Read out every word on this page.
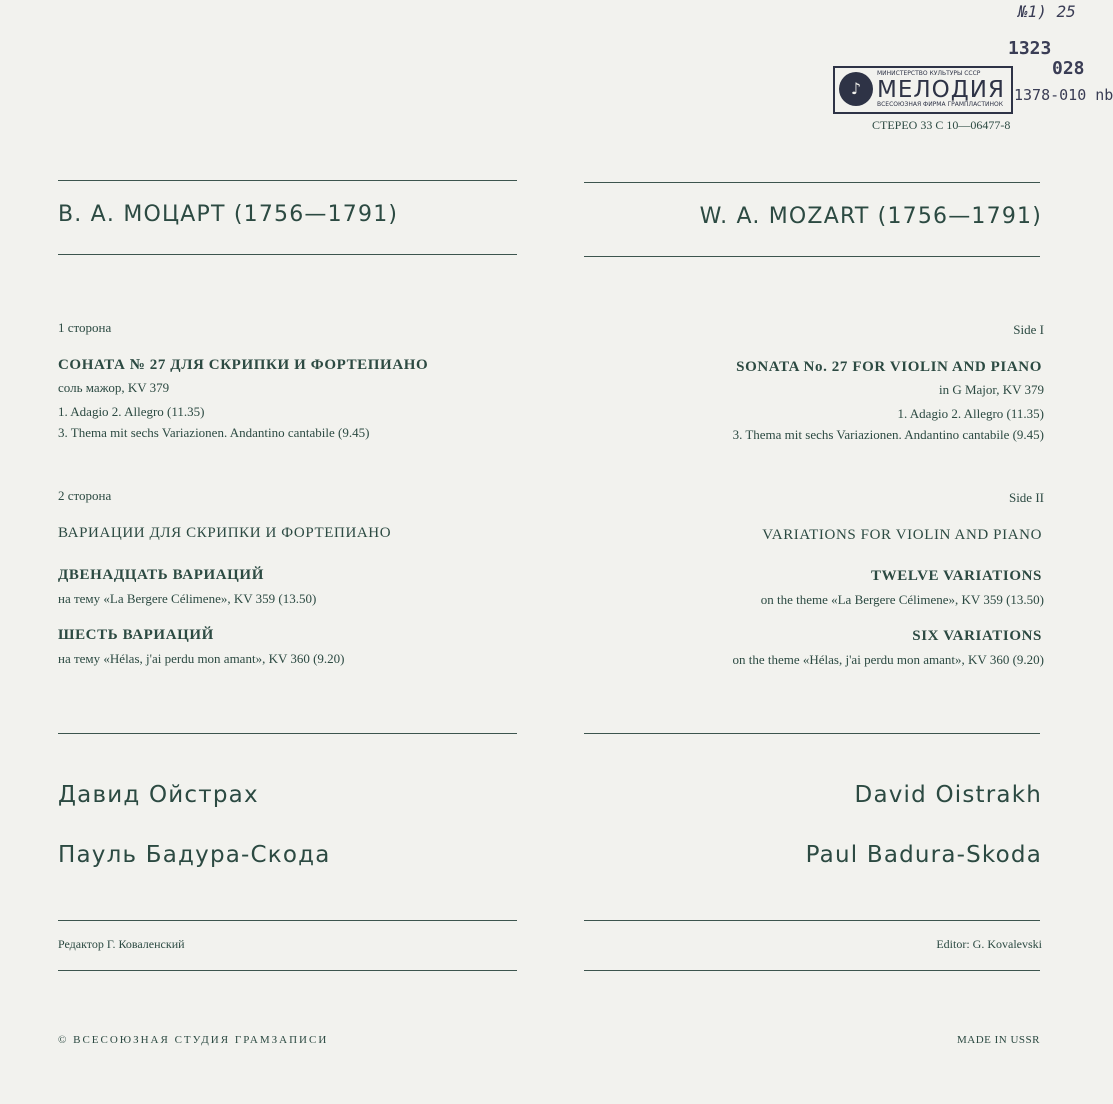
№1) 25
1323
028
1378-010 nb
♪
МИНИСТЕРСТВО КУЛЬТУРЫ СССР
МЕЛОДИЯ
ВСЕСОЮЗНАЯ ФИРМА ГРАМПЛАСТИНОК
СТЕРЕО 33 С 10—06477-8
В. А. МОЦАРТ (1756—1791)
1 сторона
СОНАТА № 27 ДЛЯ СКРИПКИ И ФОРТЕПИАНО
соль мажор, KV 379
1. Adagio 2. Allegro (11.35)
3. Thema mit sechs Variazionen. Andantino cantabile (9.45)
2 сторона
ВАРИАЦИИ ДЛЯ СКРИПКИ И ФОРТЕПИАНО
ДВЕНАДЦАТЬ ВАРИАЦИЙ
на тему «La Bergere Célimene», KV 359 (13.50)
ШЕСТЬ ВАРИАЦИЙ
на тему «Hélas, j'ai perdu mon amant», KV 360 (9.20)
Давид Ойстрах
Пауль Бадура-Скода
Редактор Г. Коваленский
© ВСЕСОЮЗНАЯ СТУДИЯ ГРАМЗАПИСИ
W. A. MOZART (1756—1791)
Side I
SONATA No. 27 FOR VIOLIN AND PIANO
in G Major, KV 379
1. Adagio 2. Allegro (11.35)
3. Thema mit sechs Variazionen. Andantino cantabile (9.45)
Side II
VARIATIONS FOR VIOLIN AND PIANO
TWELVE VARIATIONS
on the theme «La Bergere Célimene», KV 359 (13.50)
SIX VARIATIONS
on the theme «Hélas, j'ai perdu mon amant», KV 360 (9.20)
David Oistrakh
Paul Badura-Skoda
Editor: G. Kovalevski
MADE IN USSR
